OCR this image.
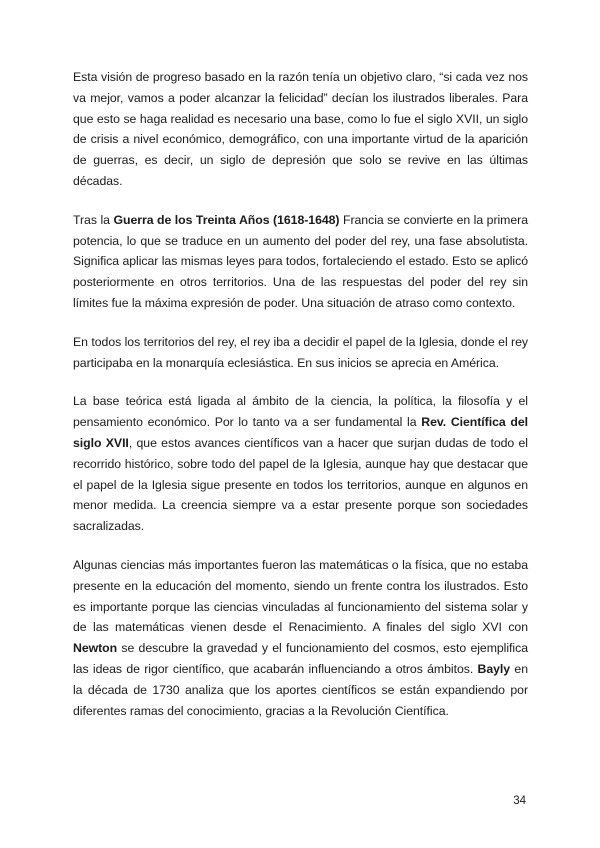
Esta visión de progreso basado en la razón tenía un objetivo claro, “si cada vez nos va mejor, vamos a poder alcanzar la felicidad” decían los ilustrados liberales. Para que esto se haga realidad es necesario una base, como lo fue el siglo XVII, un siglo de crisis a nivel económico, demográfico, con una importante virtud de la aparición de guerras, es decir, un siglo de depresión que solo se revive en las últimas décadas.

Tras la Guerra de los Treinta Años (1618-1648) Francia se convierte en la primera potencia, lo que se traduce en un aumento del poder del rey, una fase absolutista. Significa aplicar las mismas leyes para todos, fortaleciendo el estado. Esto se aplicó posteriormente en otros territorios. Una de las respuestas del poder del rey sin límites fue la máxima expresión de poder. Una situación de atraso como contexto.

En todos los territorios del rey, el rey iba a decidir el papel de la Iglesia, donde el rey participaba en la monarquía eclesiástica. En sus inicios se aprecia en América.

La base teórica está ligada al ámbito de la ciencia, la política, la filosofía y el pensamiento económico. Por lo tanto va a ser fundamental la Rev. Científica del siglo XVII, que estos avances científicos van a hacer que surjan dudas de todo el recorrido histórico, sobre todo del papel de la Iglesia, aunque hay que destacar que el papel de la Iglesia sigue presente en todos los territorios, aunque en algunos en menor medida. La creencia siempre va a estar presente porque son sociedades sacralizadas.

Algunas ciencias más importantes fueron las matemáticas o la física, que no estaba presente en la educación del momento, siendo un frente contra los ilustrados. Esto es importante porque las ciencias vinculadas al funcionamiento del sistema solar y de las matemáticas vienen desde el Renacimiento. A finales del siglo XVI con Newton se descubre la gravedad y el funcionamiento del cosmos, esto ejemplifica las ideas de rigor científico, que acabarán influenciando a otros ámbitos. Bayly en la década de 1730 analiza que los aportes científicos se están expandiendo por diferentes ramas del conocimiento, gracias a la Revolución Científica.

34
